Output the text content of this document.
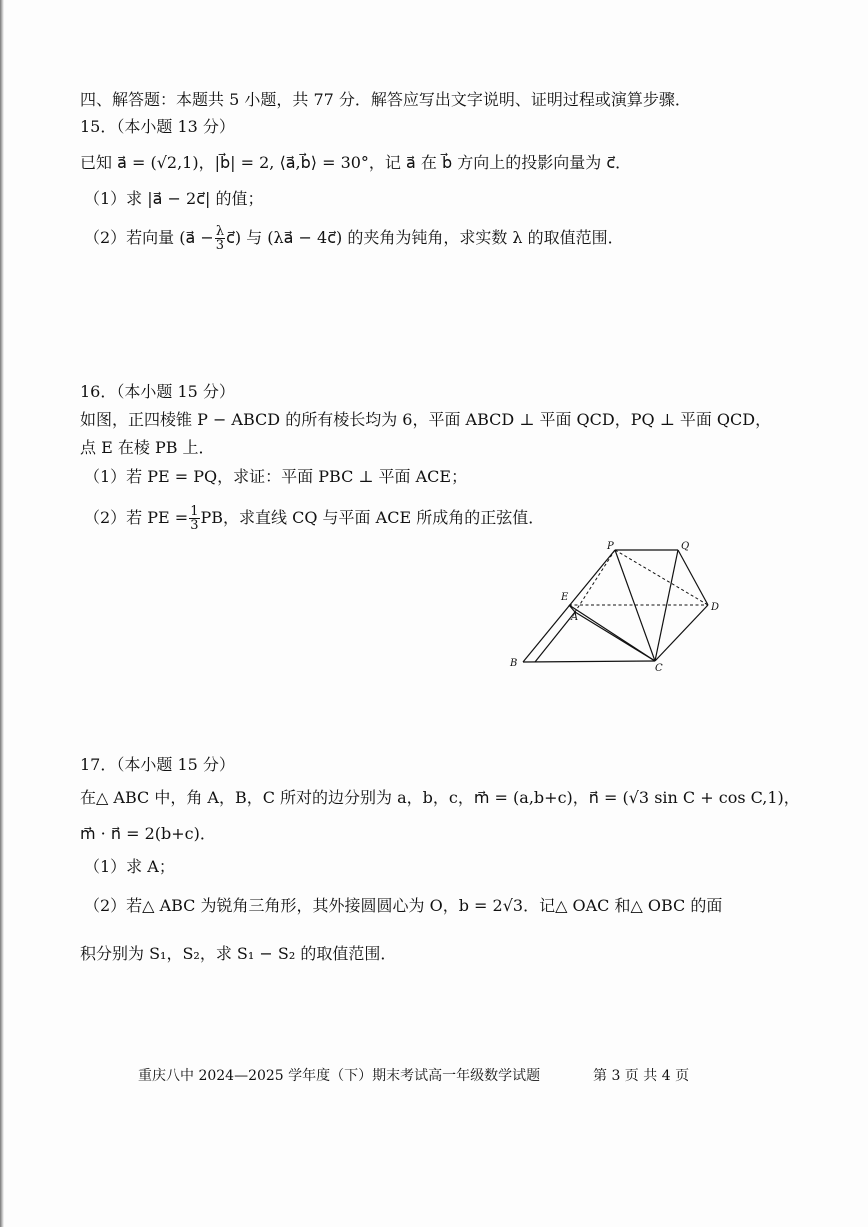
四、解答题：本题共 5 小题，共 77 分．解答应写出文字说明、证明过程或演算步骤．
15．（本小题 13 分）
已知 a⃗ = (√2,1)，|b⃗| = 2, ⟨a⃗,b⃗⟩ = 30°，记 a⃗ 在 b⃗ 方向上的投影向量为 c⃗．
（1）求 |a⃗ − 2c⃗| 的值；
（2）若向量 (a⃗ − $\frac{\lambda}{3}$ c⃗) 与 (λa⃗ − 4c⃗) 的夹角为钝角，求实数 λ 的取值范围．
16．（本小题 15 分）
如图，正四棱锥 P − ABCD 的所有棱长均为 6，平面 ABCD ⊥ 平面 QCD，PQ ⊥ 平面 QCD，
点 E 在棱 PB 上．
（1）若 PE = PQ，求证：平面 PBC ⊥ 平面 ACE；
（2）若 PE = $\frac{1}{3}$ PB，求直线 CQ 与平面 ACE 所成角的正弦值．
P	Q
E
A
D
B	C
17．（本小题 15 分）
在△ ABC 中，角 A，B，C 所对的边分别为 a，b，c，m⃗ = (a,b+c)，n⃗ = (√3 sin C + cos C,1)，
m⃗ · n⃗ = 2(b+c)．
（1）求 A；
（2）若△ ABC 为锐角三角形，其外接圆圆心为 O，b = 2√3．记△ OAC 和△ OBC 的面
积分别为 S₁，S₂，求 S₁ − S₂ 的取值范围．
重庆八中 2024—2025 学年度（下）期末考试高一年级数学试题	第 3 页 共 4 页
